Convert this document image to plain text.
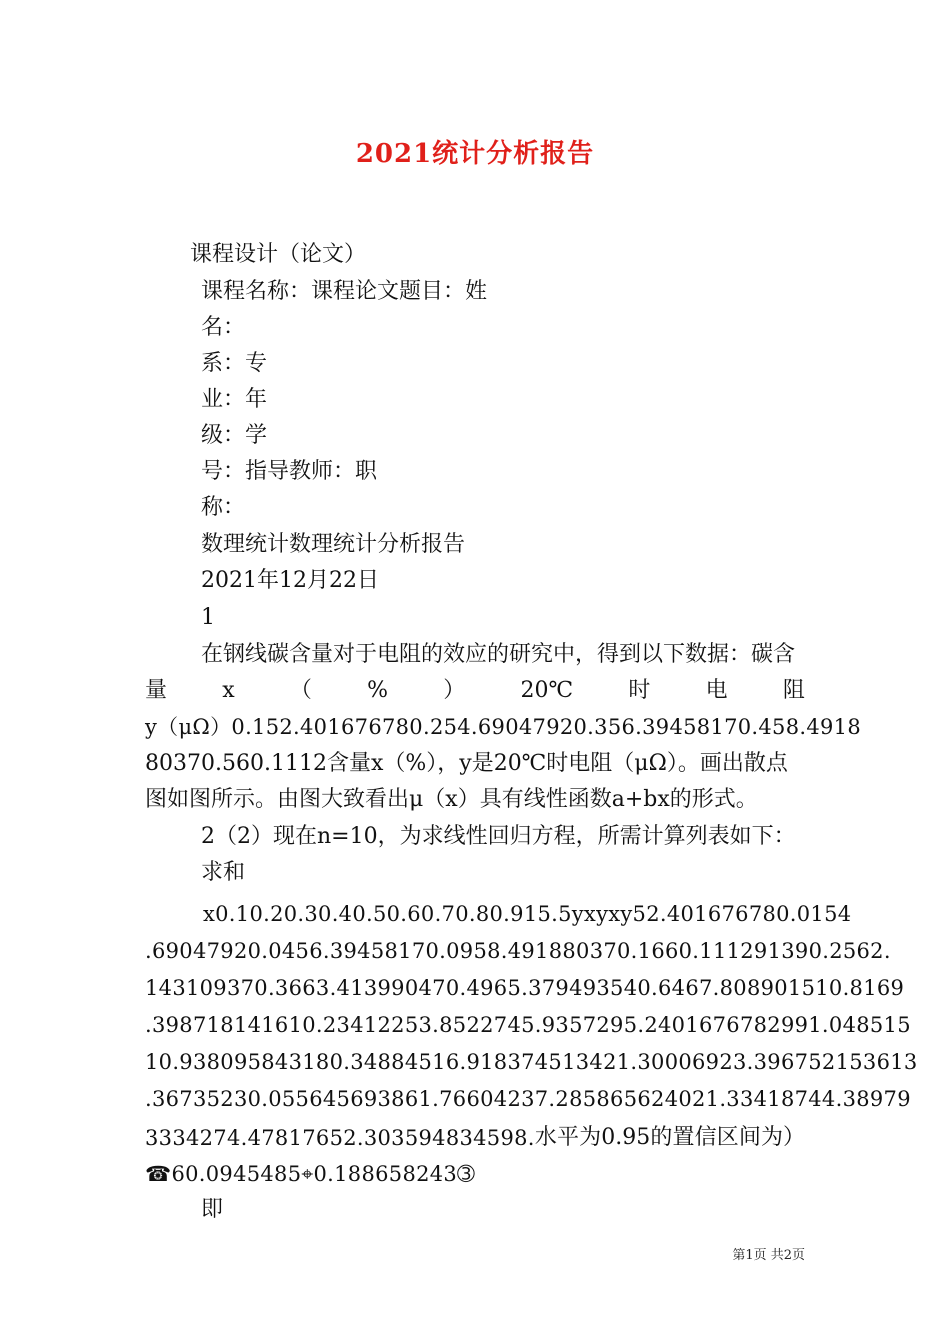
2021统计分析报告
课程设计（论文）
课程名称：课程论文题目：姓
名：
系：专
业：年
级：学
号：指导教师：职
称：
数理统计数理统计分析报告
2021年12月22日
1
在钢线碳含量对于电阻的效应的研究中，得到以下数据：碳含
量	x	（	%	）	20℃	时	电	阻
y（μΩ）0.152.401676780.254.69047920.356.39458170.458.4918
80370.560.1112含量x（%），y是20℃时电阻（μΩ）。画出散点
图如图所示。由图大致看出μ（x）具有线性函数a+bx的形式。
2（2）现在n=10，为求线性回归方程，所需计算列表如下：
求和
x0.10.20.30.40.50.60.70.80.915.5yxyxy52.401676780.0154
.69047920.0456.39458170.0958.491880370.1660.111291390.2562.
143109370.3663.413990470.4965.379493540.6467.808901510.8169
.398718141610.23412253.8522745.9357295.2401676782991.048515
10.938095843180.34884516.918374513421.30006923.396752153613
.36735230.055645693861.76604237.285865624021.33418744.38979
3334274.47817652.303594834598. 水 平 为 0.95 的 置 信 区 间 为）
☎60.0945485⌖0.188658243➂
即
第1页 共2页
